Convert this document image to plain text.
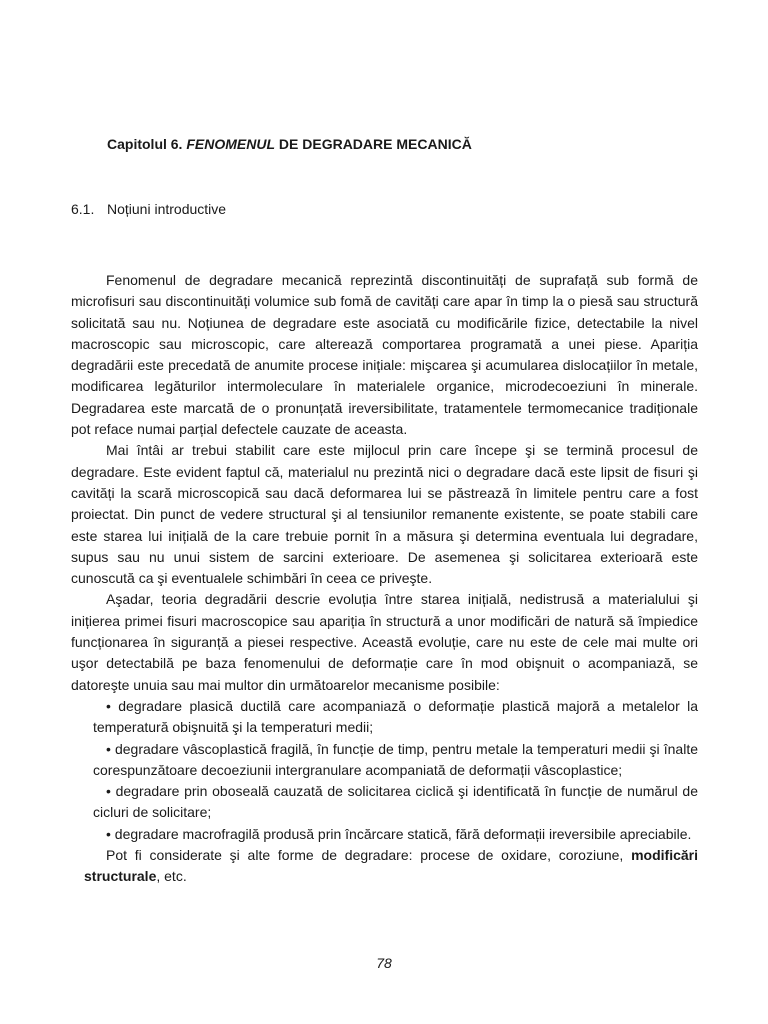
Capitolul 6. FENOMENUL DE DEGRADARE MECANICĂ
6.1. Noțiuni introductive

Fenomenul de degradare mecanică reprezintă discontinuități de suprafață sub formă de microfisuri sau discontinuități volumice sub fomă de cavități care apar în timp la o piesă sau structură solicitată sau nu. Noțiunea de degradare este asociată cu modificările fizice, detectabile la nivel macroscopic sau microscopic, care alterează comportarea programată a unei piese. Apariția degradării este precedată de anumite procese inițiale: mişcarea şi acumularea dislocațiilor în metale, modificarea legăturilor intermoleculare în materialele organice, microdecoeziuni în minerale. Degradarea este marcată de o pronunțată ireversibilitate, tratamentele termomecanice tradiționale pot reface numai parțial defectele cauzate de aceasta.

Mai întâi ar trebui stabilit care este mijlocul prin care începe şi se termină procesul de degradare. Este evident faptul că, materialul nu prezintă nici o degradare dacă este lipsit de fisuri şi cavități la scară microscopică sau dacă deformarea lui se păstrează în limitele pentru care a fost proiectat. Din punct de vedere structural şi al tensiunilor remanente existente, se poate stabili care este starea lui inițială de la care trebuie pornit în a măsura şi determina eventuala lui degradare, supus sau nu unui sistem de sarcini exterioare. De asemenea şi solicitarea exterioară este cunoscută ca şi eventualele schimbări în ceea ce priveşte.

Aşadar, teoria degradării descrie evoluția între starea inițială, nedistrusă a materialului şi inițierea primei fisuri macroscopice sau apariția în structură a unor modificări de natură să împiedice funcționarea în siguranță a piesei respective. Această evoluție, care nu este de cele mai multe ori uşor detectabilă pe baza fenomenului de deformație care în mod obişnuit o acompaniază, se datoreşte unuia sau mai multor din următoarelor mecanisme posibile:

• degradare plasică ductilă care acompaniază o deformație plastică majoră a metalelor la temperatură obişnuită şi la temperaturi medii;

• degradare vâscoplastică fragilă, în funcție de timp, pentru metale la temperaturi medii şi înalte corespunzătoare decoeziunii intergranulare acompaniată de deformații vâscoplastice;

• degradare prin oboseală cauzată de solicitarea ciclică şi identificată în funcție de numărul de cicluri de solicitare;

• degradare macrofragilă produsă prin încărcare statică, fără deformații ireversibile apreciabile.

Pot fi considerate şi alte forme de degradare: procese de oxidare, coroziune, modificări structurale, etc.

78
